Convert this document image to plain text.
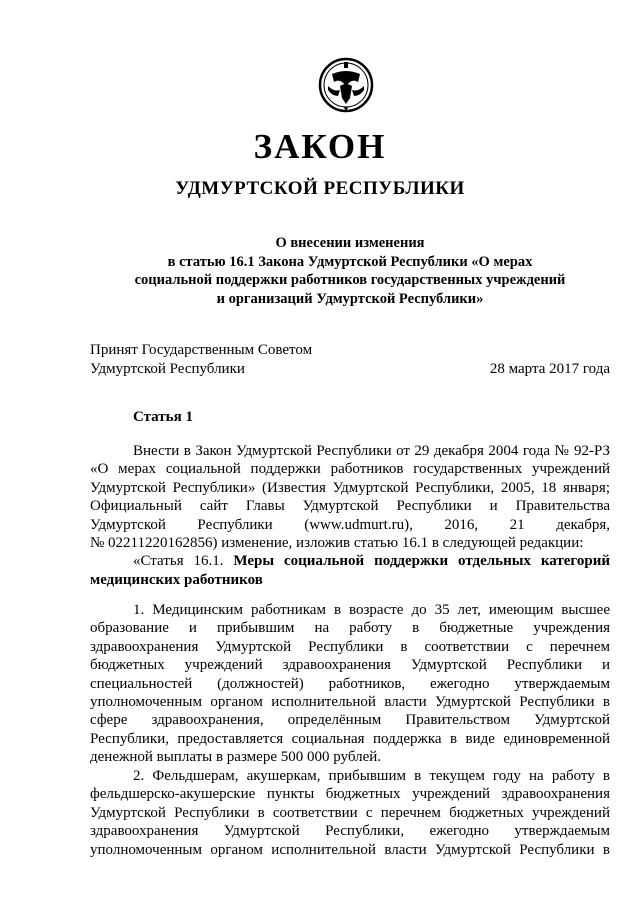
ЗАКОН
УДМУРТСКОЙ РЕСПУБЛИКИ
О внесении изменения
в статью 16.1 Закона Удмуртской Республики «О мерах
социальной поддержки работников государственных учреждений
и организаций Удмуртской Республики»
Принят Государственным Советом
Удмуртской Республики	28 марта 2017 года
Статья 1
Внести в Закон Удмуртской Республики от 29 декабря 2004 года № 92-РЗ
«О мерах социальной поддержки работников государственных учреждений
Удмуртской Республики» (Известия Удмуртской Республики, 2005, 18 января;
Официальный сайт Главы Удмуртской Республики и Правительства
Удмуртской Республики (www.udmurt.ru), 2016, 21 декабря,
№ 02211220162856) изменение, изложив статью 16.1 в следующей редакции:
«Статья 16.1. Меры социальной поддержки отдельных категорий
медицинских работников
1. Медицинским работникам в возрасте до 35 лет, имеющим высшее
образование и прибывшим на работу в бюджетные учреждения
здравоохранения Удмуртской Республики в соответствии с перечнем
бюджетных учреждений здравоохранения Удмуртской Республики и
специальностей (должностей) работников, ежегодно утверждаемым
уполномоченным органом исполнительной власти Удмуртской Республики в
сфере здравоохранения, определённым Правительством Удмуртской
Республики, предоставляется социальная поддержка в виде единовременной
денежной выплаты в размере 500 000 рублей.
2. Фельдшерам, акушеркам, прибывшим в текущем году на работу в
фельдшерско-акушерские пункты бюджетных учреждений здравоохранения
Удмуртской Республики в соответствии с перечнем бюджетных учреждений
здравоохранения Удмуртской Республики, ежегодно утверждаемым
уполномоченным органом исполнительной власти Удмуртской Республики в
